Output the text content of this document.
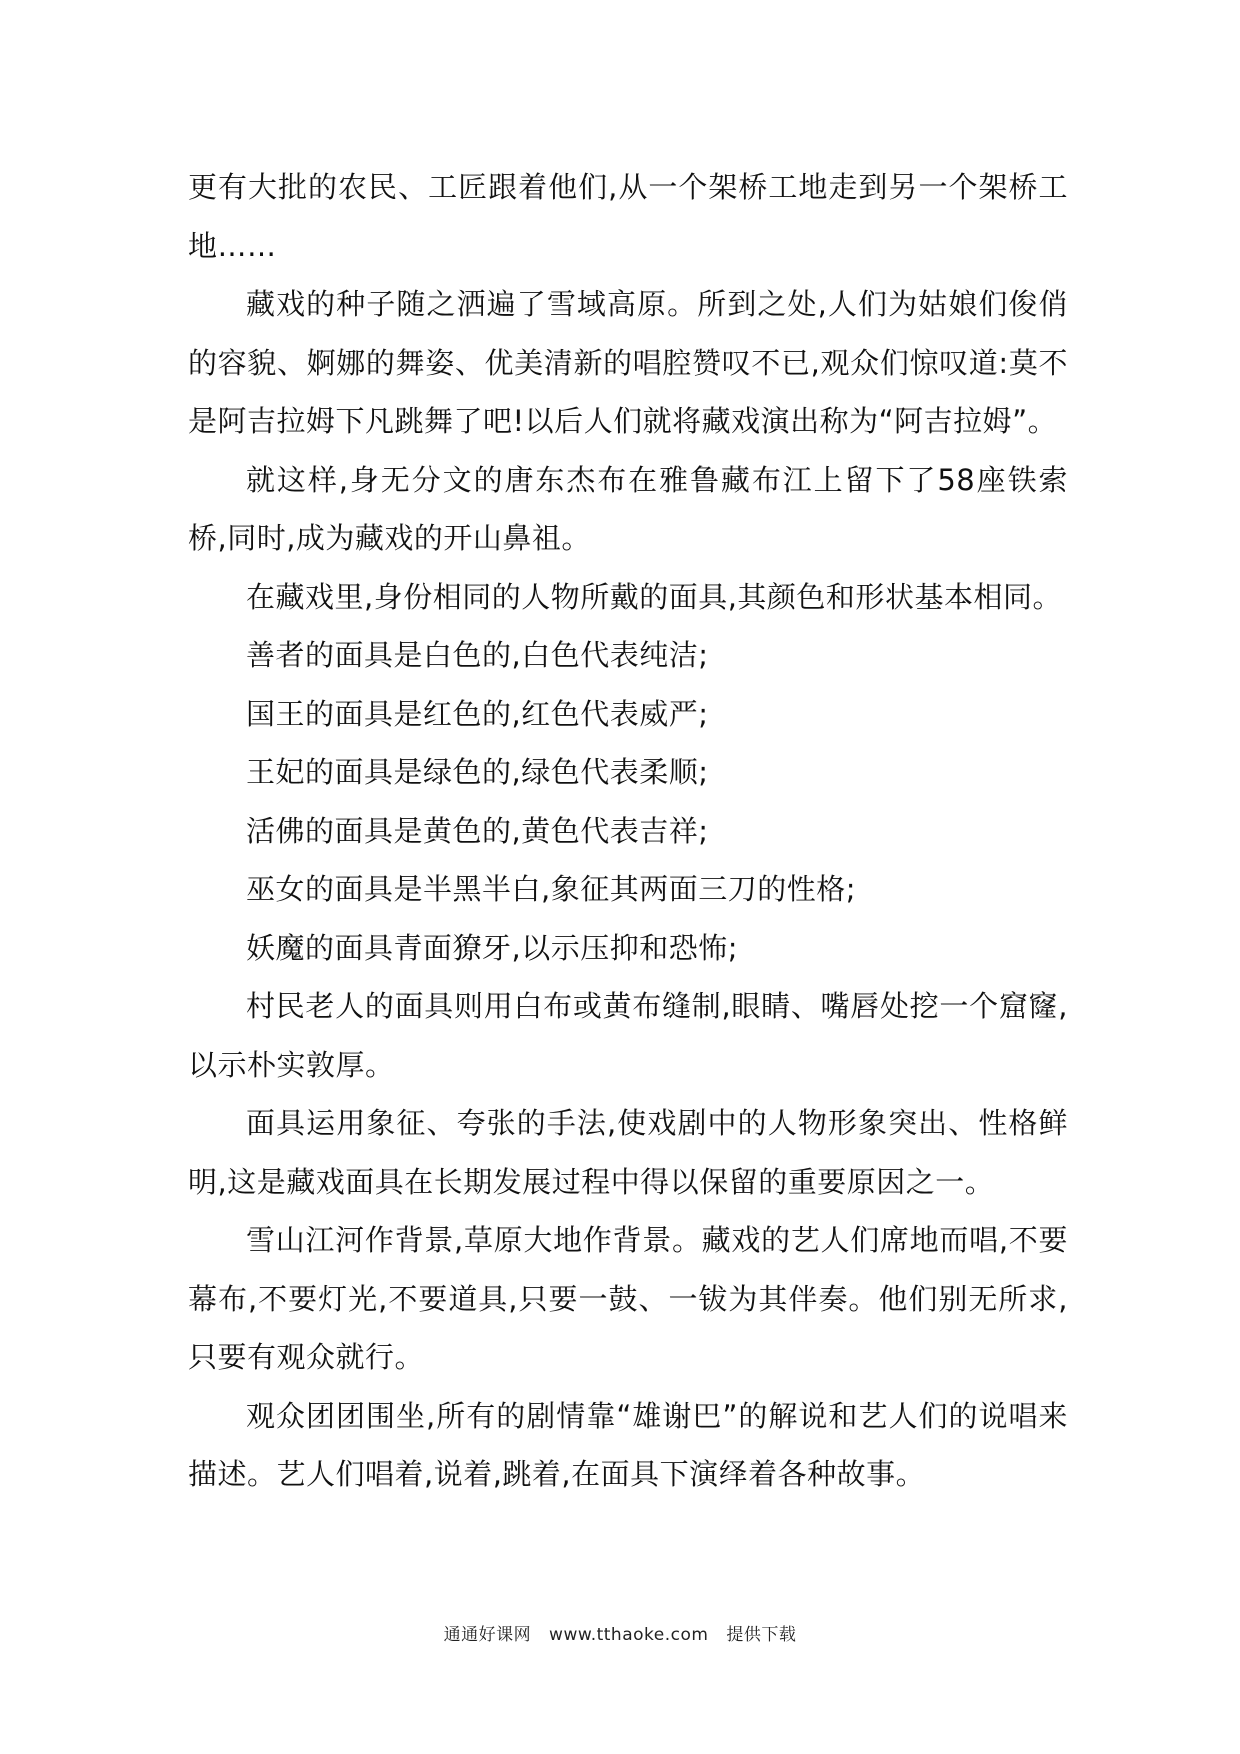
更有大批的农民、工匠跟着他们,从一个架桥工地走到另一个架桥工地……

藏戏的种子随之洒遍了雪域高原。所到之处,人们为姑娘们俊俏的容貌、婀娜的舞姿、优美清新的唱腔赞叹不已,观众们惊叹道:莫不是阿吉拉姆下凡跳舞了吧!以后人们就将藏戏演出称为“阿吉拉姆”。

就这样,身无分文的唐东杰布在雅鲁藏布江上留下了58座铁索桥,同时,成为藏戏的开山鼻祖。

在藏戏里,身份相同的人物所戴的面具,其颜色和形状基本相同。

善者的面具是白色的,白色代表纯洁;

国王的面具是红色的,红色代表威严;

王妃的面具是绿色的,绿色代表柔顺;

活佛的面具是黄色的,黄色代表吉祥;

巫女的面具是半黑半白,象征其两面三刀的性格;

妖魔的面具青面獠牙,以示压抑和恐怖;

村民老人的面具则用白布或黄布缝制,眼睛、嘴唇处挖一个窟窿,以示朴实敦厚。

面具运用象征、夸张的手法,使戏剧中的人物形象突出、性格鲜明,这是藏戏面具在长期发展过程中得以保留的重要原因之一。

雪山江河作背景,草原大地作背景。藏戏的艺人们席地而唱,不要幕布,不要灯光,不要道具,只要一鼓、一钹为其伴奏。他们别无所求,只要有观众就行。

观众团团围坐,所有的剧情靠“雄谢巴”的解说和艺人们的说唱来描述。艺人们唱着,说着,跳着,在面具下演绎着各种故事。

通通好课网 www.tthaoke.com 提供下载
